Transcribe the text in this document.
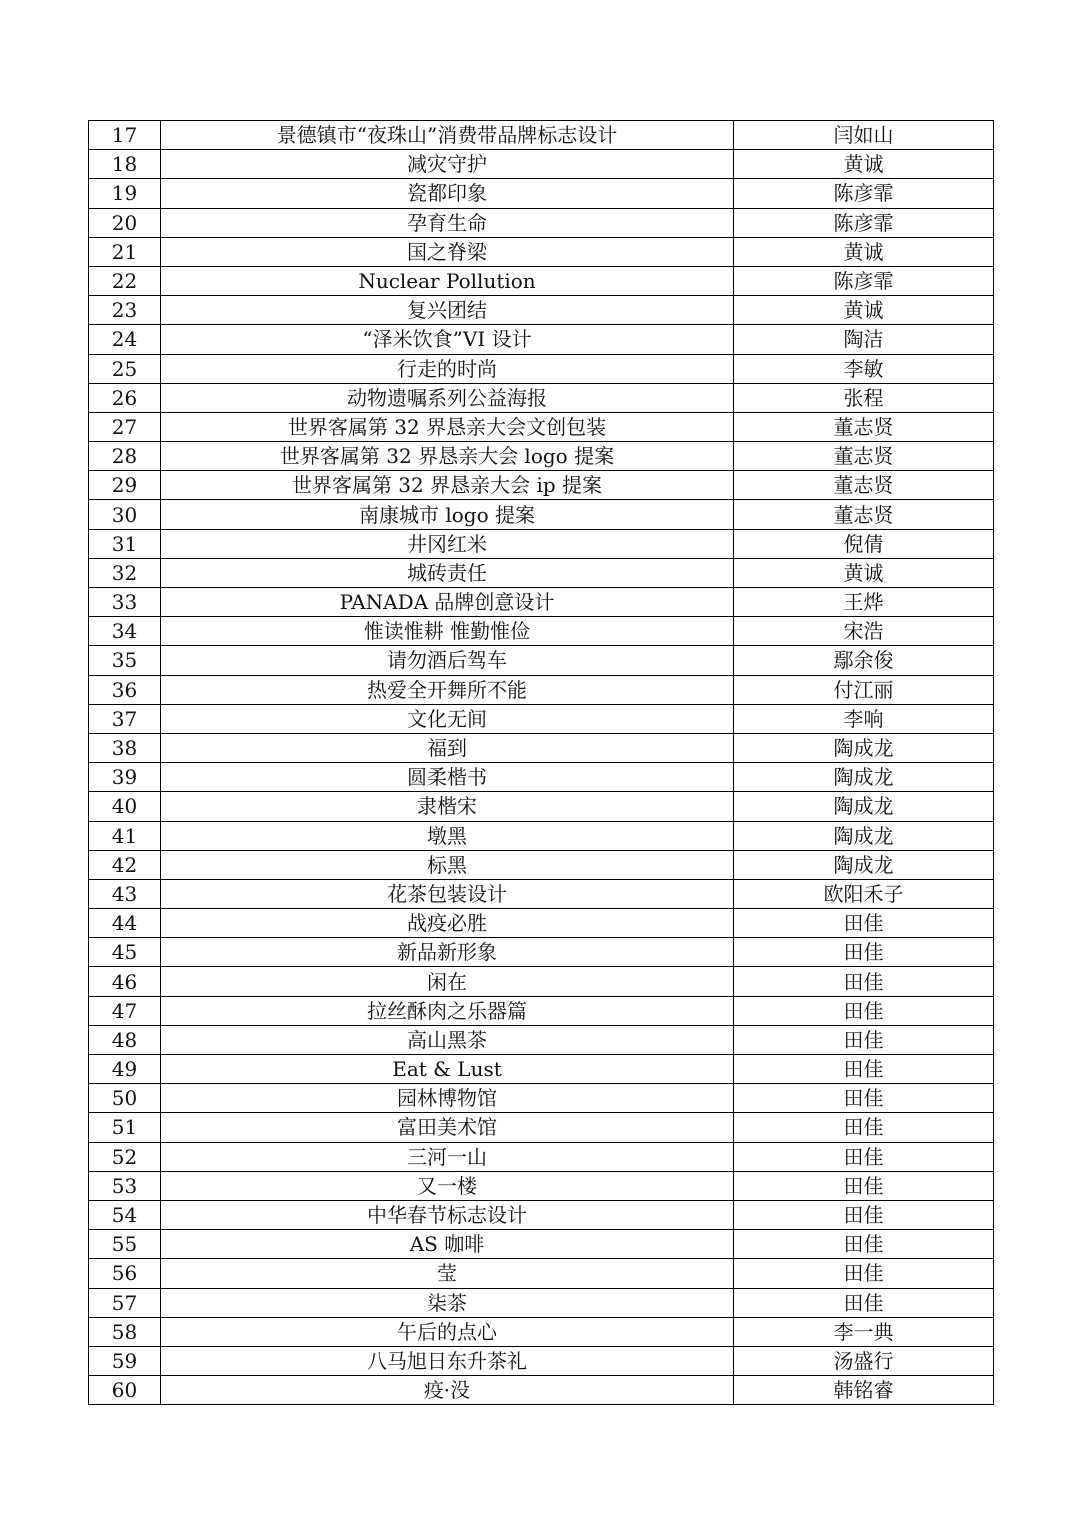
17	景德镇市“夜珠山”消费带品牌标志设计	闫如山
18	减灾守护	黄诚
19	瓷都印象	陈彦霏
20	孕育生命	陈彦霏
21	国之脊梁	黄诚
22	Nuclear Pollution	陈彦霏
23	复兴团结	黄诚
24	“泽米饮食”VI 设计	陶洁
25	行走的时尚	李敏
26	动物遗嘱系列公益海报	张程
27	世界客属第 32 界恳亲大会文创包装	董志贤
28	世界客属第 32 界恳亲大会 logo 提案	董志贤
29	世界客属第 32 界恳亲大会 ip 提案	董志贤
30	南康城市 logo 提案	董志贤
31	井冈红米	倪倩
32	城砖责任	黄诚
33	PANADA 品牌创意设计	王烨
34	惟读惟耕 惟勤惟俭	宋浩
35	请勿酒后驾车	鄢余俊
36	热爱全开舞所不能	付江丽
37	文化无间	李响
38	福到	陶成龙
39	圆柔楷书	陶成龙
40	隶楷宋	陶成龙
41	墩黑	陶成龙
42	标黑	陶成龙
43	花茶包装设计	欧阳禾子
44	战疫必胜	田佳
45	新品新形象	田佳
46	闲在	田佳
47	拉丝酥肉之乐器篇	田佳
48	高山黑茶	田佳
49	Eat & Lust	田佳
50	园林博物馆	田佳
51	富田美术馆	田佳
52	三河一山	田佳
53	又一楼	田佳
54	中华春节标志设计	田佳
55	AS 咖啡	田佳
56	莹	田佳
57	柒茶	田佳
58	午后的点心	李一典
59	八马旭日东升茶礼	汤盛行
60	疫·没	韩铭睿
